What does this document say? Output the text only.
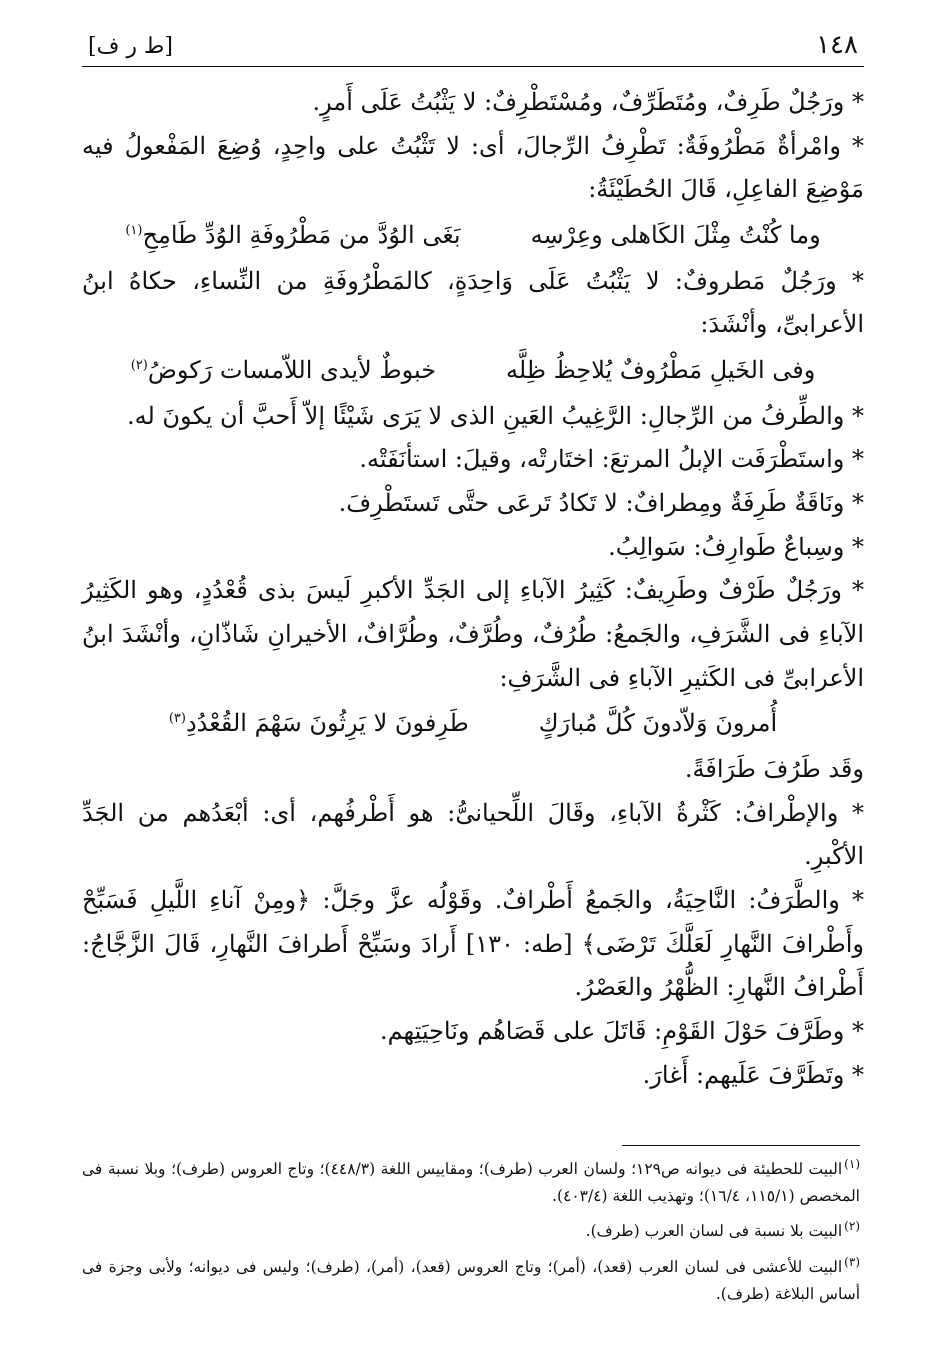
١٤٨
[ط ر ف]

* ورَجُلٌ طَرِفٌ، ومُتَطَرِّفٌ، ومُسْتَطْرِفٌ: لا يَثْبُتُ عَلَى أَمرٍ.

* وامْرأةٌ مَطْرُوفَةٌ: تَطْرِفُ الرِّجالَ، أى: لا تَثْبُتُ على واحِدٍ، وُضِعَ المَفْعولُ فيه مَوْضِعَ الفاعِلِ، قَالَ الحُطَيْئَةُ:

وما كُنْتُ مِثْلَ الكَاهلى وعِرْسِه
بَغَى الوُدَّ من مَطْرُوفَةِ الوُدِّ طَامِحِ$^{(١)}$

* ورَجُلٌ مَطروفٌ: لا يَثْبُتُ عَلَى وَاحِدَةٍ، كالمَطْرُوفَةِ من النِّساءِ، حكاهُ ابنُ الأعرابىِّ، وأنْشَدَ:

وفى الخَيلِ مَطْرُوفٌ يُلاحِظُ ظِلَّه
خبوطٌ لأيدى اللاّمسات رَكوضُ$^{(٢)}$

* والطِّرفُ من الرِّجالِ: الرَّغِيبُ العَينِ الذى لا يَرَى شَيْئًا إلاّ أَحبَّ أن يكونَ له.

* واستَطْرَفَت الإبلُ المرتعَ: اختَارتْه، وقيلَ: استأنَفَتْه.

* ونَاقَةٌ طَرِفَةٌ ومِطرافٌ: لا تَكادُ تَرعَى حتَّى تَستَطْرِفَ.

* وسِباعٌ طَوارِفُ: سَوالِبُ.

* ورَجُلٌ طَرْفٌ وطَرِيفٌ: كَثِيرُ الآباءِ إلى الجَدِّ الأكبرِ لَيسَ بذى قُعْدُدٍ، وهو الكَثِيرُ الآباءِ فى الشَّرَفِ، والجَمعُ: طُرُفٌ، وطُرَّفٌ، وطُرَّافٌ، الأخيرانِ شَاذّانِ، وأنْشَدَ ابنُ الأعرابىِّ فى الكَثيرِ الآباءِ فى الشَّرَفِ:

أُمرونَ وَلاّدونَ كُلَّ مُبارَكٍ
طَرِفونَ لا يَرِثُونَ سَهْمَ القُعْدُدِ$^{(٣)}$

وقَد طَرُفَ طَرَافَةً.

* والإطْرافُ: كَثْرةُ الآباءِ، وقَالَ اللِّحيانىُّ: هو أَطْرفُهم، أى: أبْعَدُهم من الجَدِّ الأكْبرِ.

* والطَّرَفُ: النَّاحِيَةُ، والجَمعُ أَطْرافٌ. وقَوْلُه عزَّ وجَلَّ: ﴿ومِنْ آناءِ اللَّيلِ فَسَبِّحْ وأَطْرافَ النَّهارِ لَعَلَّكَ تَرْضَى﴾ [طه: ١٣٠] أَرادَ وسَبِّحْ أَطرافَ النَّهارِ، قَالَ الزَّجَّاجُ: أَطْرافُ النَّهارِ: الظُّهْرُ والعَصْرُ.

* وطَرَّفَ حَوْلَ القَوْمِ: قَاتَلَ على قَصَاهُم ونَاحِيَتِهم.

* وتَطَرَّفَ عَلَيهم: أَغارَ.

$^{(١)}$البيت للحطيئة فى ديوانه ص١٢٩؛ ولسان العرب (طرف)؛ ومقاييس اللغة (٤٤٨/٣)؛ وتاج العروس (طرف)؛ وبلا نسبة فى المخصص (١١٥/١، ١٦/٤)؛ وتهذيب اللغة (٤٠٣/٤).
$^{(٢)}$البيت بلا نسبة فى لسان العرب (طرف).
$^{(٣)}$البيت للأعشى فى لسان العرب (قعد)، (أمر)؛ وتاج العروس (قعد)، (أمر)، (طرف)؛ وليس فى ديوانه؛ ولأبى وجزة فى أساس البلاغة (طرف).
